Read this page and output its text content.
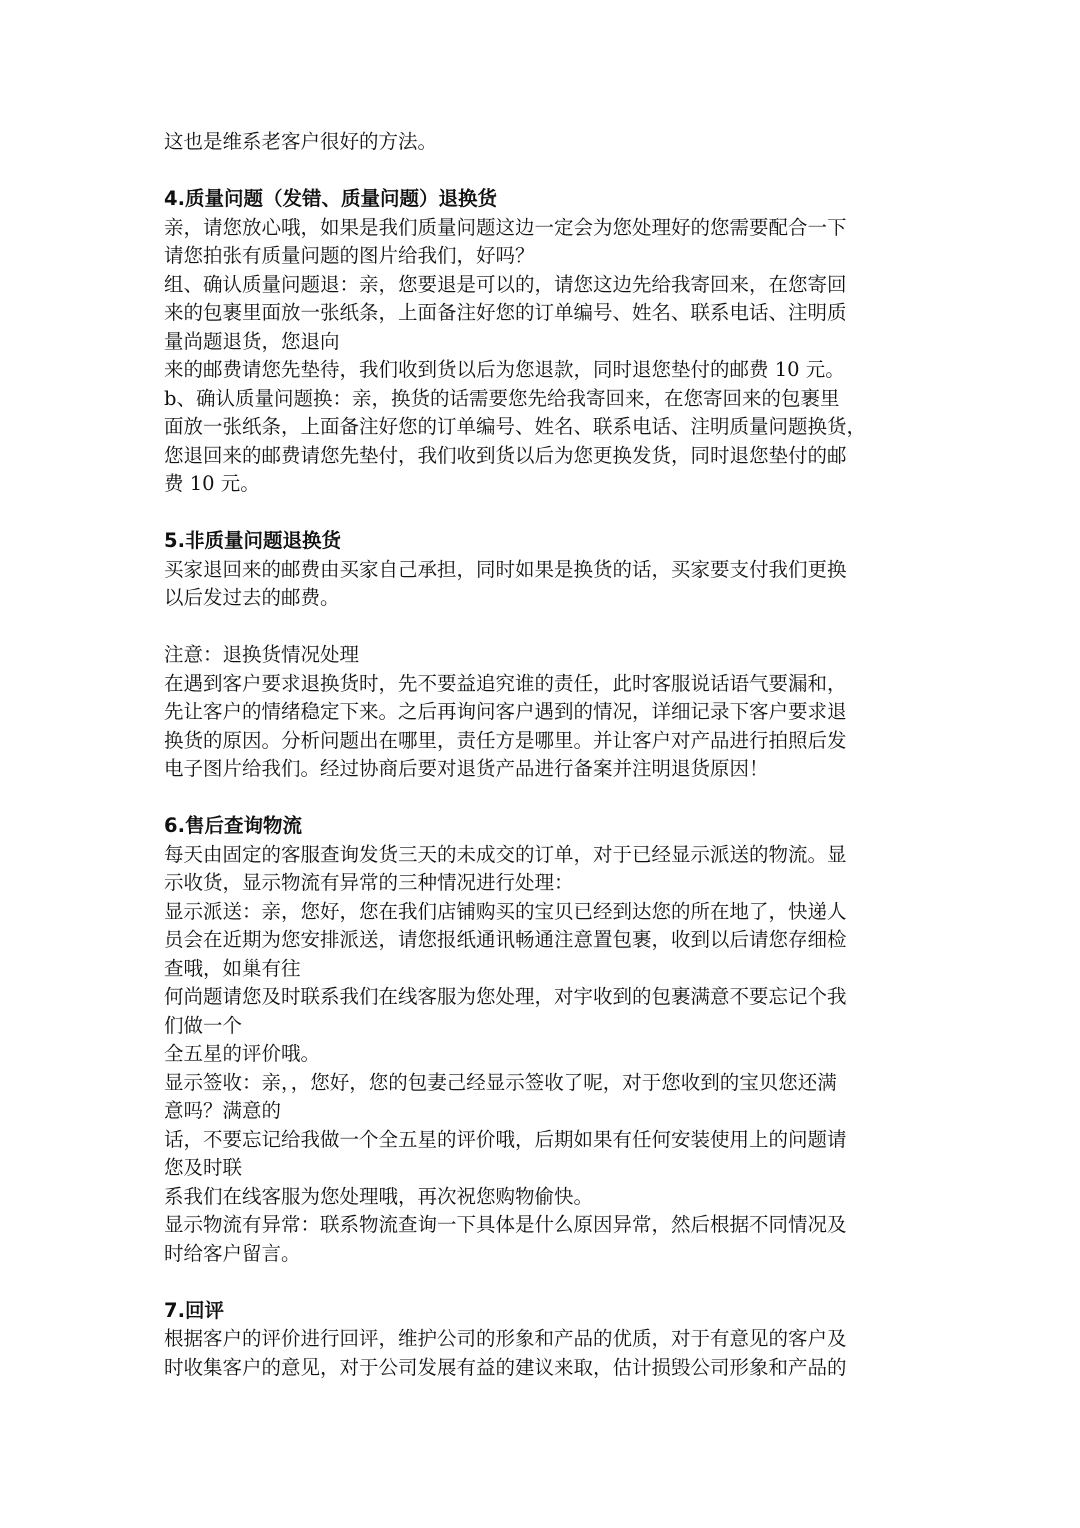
这也是维系老客户很好的方法。
4.质量问题（发错、质量问题）退换货
亲，请您放心哦，如果是我们质量问题这边一定会为您处理好的您需要配合一下
请您拍张有质量问题的图片给我们，好吗？
组、确认质量问题退：亲，您要退是可以的，请您这边先给我寄回来，在您寄回
来的包裹里面放一张纸条，上面备注好您的订单编号、姓名、联系电话、注明质
量尚题退货，您退向
来的邮费请您先垫待，我们收到货以后为您退款，同时退您垫付的邮费 10 元。
b、确认质量问题换：亲，换货的话需要您先给我寄回来，在您寄回来的包裹里
面放一张纸条，上面备注好您的订单编号、姓名、联系电话、注明质量问题换货，
您退回来的邮费请您先垫付，我们收到货以后为您更换发货，同时退您垫付的邮
费 10 元。
5.非质量问题退换货
买家退回来的邮费由买家自己承担，同时如果是换货的话，买家要支付我们更换
以后发过去的邮费。
注意：退换货情况处理
在遇到客户要求退换货时，先不要益追究谁的责任，此时客服说话语气要漏和，
先让客户的情绪稳定下来。之后再询问客户遇到的情况，详细记录下客户要求退
换货的原因。分析问题出在哪里，责任方是哪里。并让客户对产品进行拍照后发
电子图片给我们。经过协商后要对退货产品进行备案并注明退货原因！
6.售后查询物流
每天由固定的客服查询发货三天的未成交的订单，对于已经显示派送的物流。显
示收货，显示物流有异常的三种情况进行处理：
显示派送：亲，您好，您在我们店铺购买的宝贝已经到达您的所在地了，快递人
员会在近期为您安排派送，请您报纸通讯畅通注意置包裹，收到以后请您存细检
查哦，如巢有往
何尚题请您及时联系我们在线客服为您处理，对宇收到的包裹满意不要忘记个我
们做一个
全五星的评价哦。
显示签收：亲，，您好，您的包妻己经显示签收了呢，对于您收到的宝贝您还满
意吗？满意的
话，不要忘记给我做一个全五星的评价哦，后期如果有任何安装使用上的问题请
您及时联
系我们在线客服为您处理哦，再次祝您购物偷快。
显示物流有异常：联系物流查询一下具体是什么原因异常，然后根据不同情况及
时给客户留言。
7.回评
根据客户的评价进行回评，维护公司的形象和产品的优质，对于有意见的客户及
时收集客户的意见，对于公司发展有益的建议来取，估计损毁公司形象和产品的
